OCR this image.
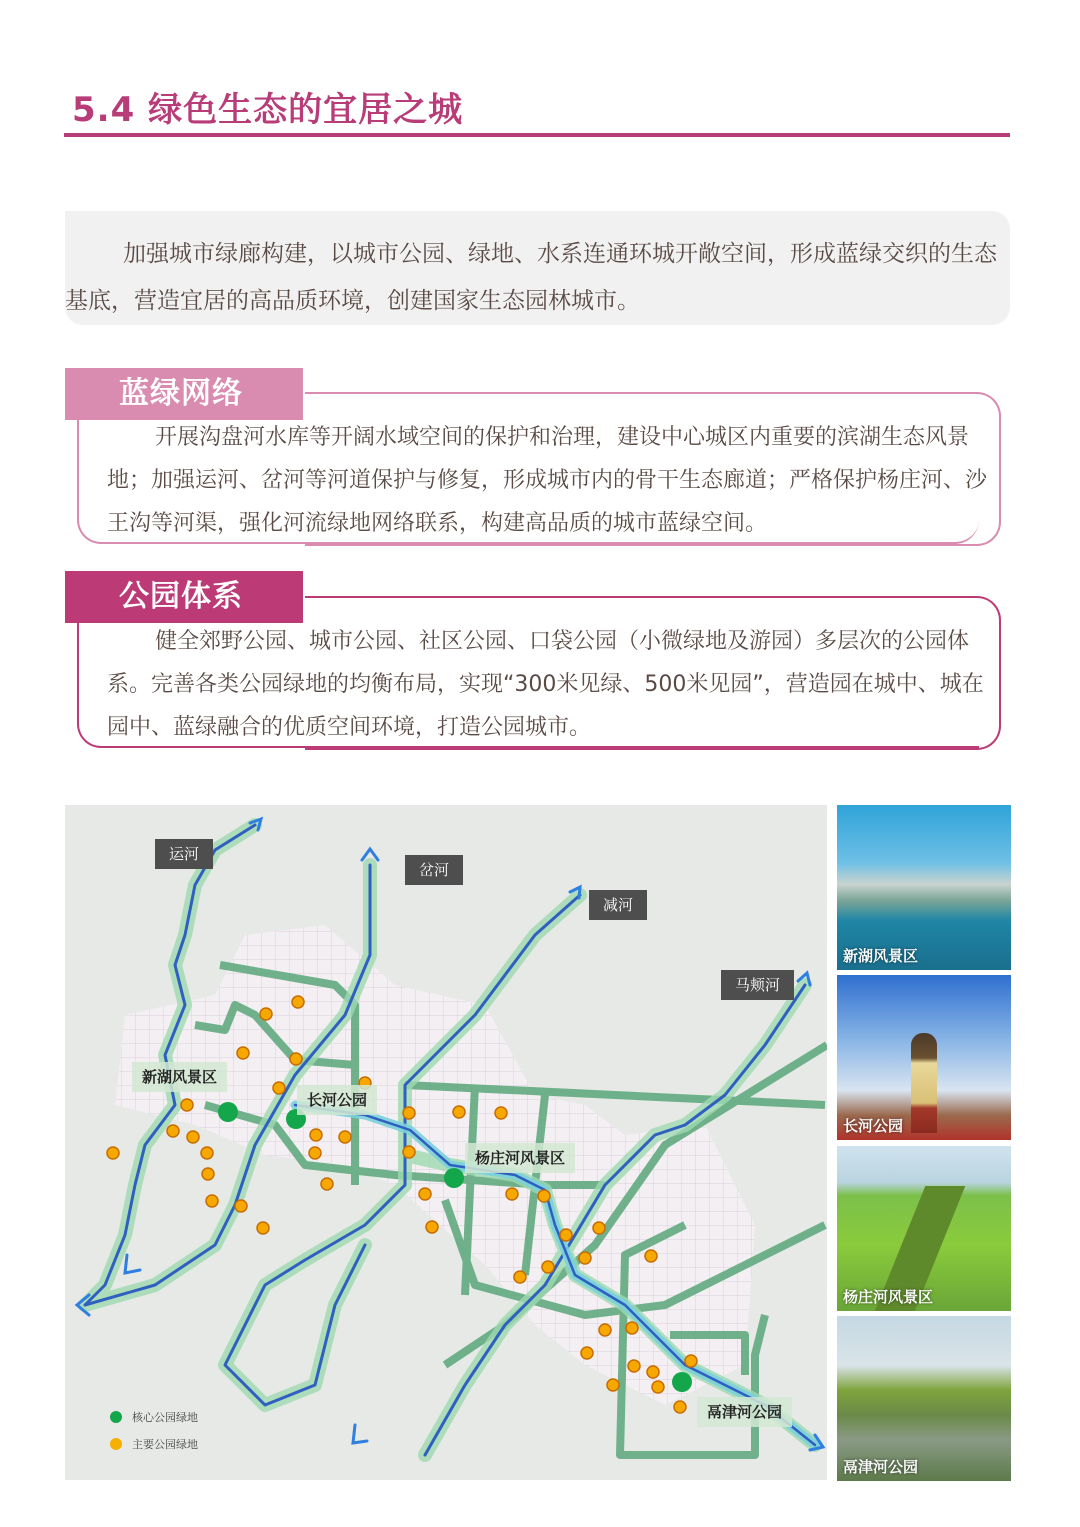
5.4 绿色生态的宜居之城
加强城市绿廊构建，以城市公园、绿地、水系连通环城开敞空间，形成蓝绿交织的生态基底，营造宜居的高品质环境，创建国家生态园林城市。
蓝绿网络
开展沟盘河水库等开阔水域空间的保护和治理，建设中心城区内重要的滨湖生态风景地；加强运河、岔河等河道保护与修复，形成城市内的骨干生态廊道；严格保护杨庄河、沙王沟等河渠，强化河流绿地网络联系，构建高品质的城市蓝绿空间。
公园体系
健全郊野公园、城市公园、社区公园、口袋公园（小微绿地及游园）多层次的公园体系。完善各类公园绿地的均衡布局，实现“300米见绿、500米见园”，营造园在城中、城在园中、蓝绿融合的优质空间环境，打造公园城市。
运河
岔河
减河
马颊河
新湖风景区
长河公园
杨庄河风景区
鬲津河公园
核心公园绿地
主要公园绿地
新湖风景区
长河公园
杨庄河风景区
鬲津河公园
